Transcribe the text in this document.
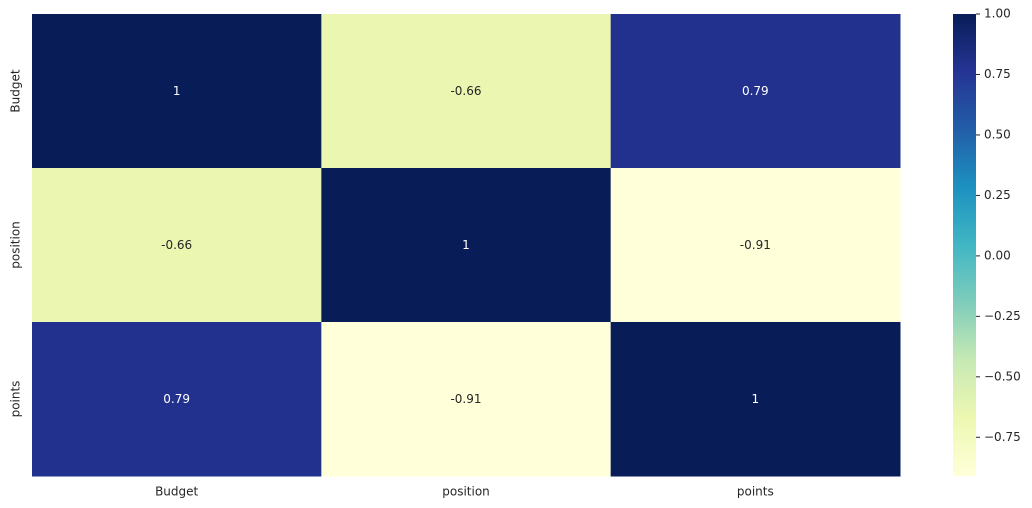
1	-0.66	0.79
-0.66	1	-0.91
0.79	-0.91	1
Budget	position	points
Budget
position
points
1.00
0.75
0.50
0.25
0.00
−0.25
−0.50
−0.75
